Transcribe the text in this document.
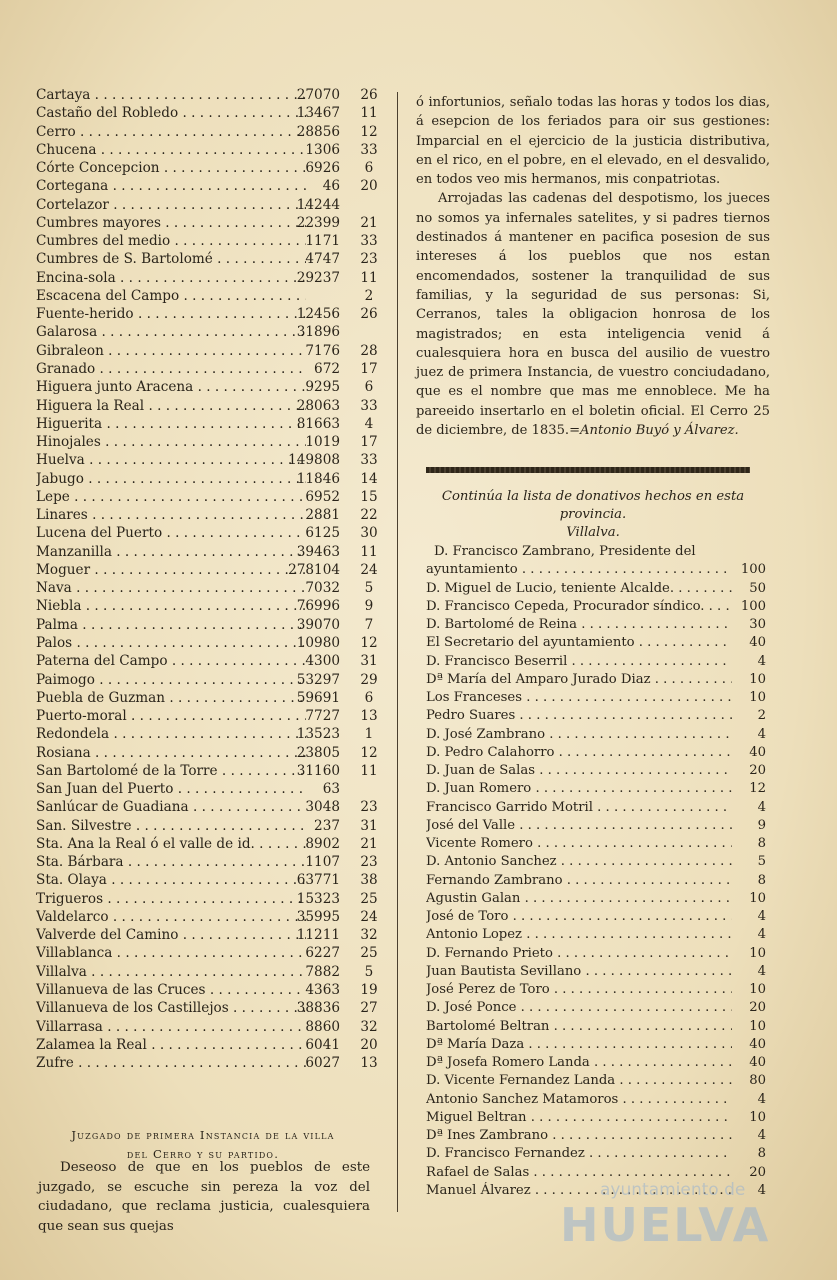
Cartaya . . .	27070	26
Castaño del Robledo . . .	13467	11
Cerro . . .	28856	12
Chucena . . .	1306	33
Córte Concepcion . . .	6926	6
Cortegana . . .	46	20
Cortelazor . . .	14244
Cumbres mayores . . .	22399	21
Cumbres del medio . . .	1171	33
Cumbres de S. Bartolomé . . .	4747	23
Encina-sola . . .	29237	11
Escacena del Campo . . .	2
Fuente-herido . . .	12456	26
Galarosa . . .	31896
Gibraleon . . .	7176	28
Granado . . .	672	17
Higuera junto Aracena . . .	9295	6
Higuera la Real . . .	28063	33
Higuerita . . .	81663	4
Hinojales . . .	1019	17
Huelva . . .	149808	33
Jabugo . . .	11846	14
Lepe . . .	6952	15
Linares . . .	2881	22
Lucena del Puerto . . .	6125	30
Manzanilla . . .	39463	11
Moguer . . .	278104	24
Nava . . .	7032	5
Niebla . . .	76996	9
Palma . . .	39070	7
Palos . . .	10980	12
Paterna del Campo . . .	4300	31
Paimogo . . .	53297	29
Puebla de Guzman . . .	59691	6
Puerto-moral . . .	7727	13
Redondela . . .	13523	1
Rosiana . . .	23805	12
San Bartolomé de la Torre . . .	31160	11
San Juan del Puerto . . .	63
Sanlúcar de Guadiana . . .	3048	23
San. Silvestre . . .	237	31
Sta. Ana la Real ó el valle de id. . . .	8902	21
Sta. Bárbara . . .	1107	23
Sta. Olaya . . .	63771	38
Trigueros . . .	15323	25
Valdelarco . . .	35995	24
Valverde del Camino . . .	11211	32
Villablanca . . .	6227	25
Villalva . . .	7882	5
Villanueva de las Cruces . . .	4363	19
Villanueva de los Castillejos . . .	38836	27
Villarrasa . . .	8860	32
Zalamea la Real . . .	6041	20
Zufre . . .	6027	13
Juzgado de primera Instancia de la villa
del Cerro y su partido.

Deseoso de que en los pueblos de este juzgado, se escuche sin pereza la voz del ciudadano, que reclama justicia, cualesquiera que sean sus quejas

ó infortunios, señalo todas las horas y todos los dias, á esepcion de los feriados para oir sus gestiones: Imparcial en el ejercicio de la justicia distributiva, en el rico, en el pobre, en el elevado, en el desvalido, en todos veo mis hermanos, mis conpatriotas.
Arrojadas las cadenas del despotismo, los jueces no somos ya infernales satelites, y si padres tiernos destinados á mantener en pacifica posesion de sus intereses á los pueblos que nos estan encomendados, sostener la tranquilidad de sus familias, y la seguridad de sus personas: Si, Cerranos, tales la obligacion honrosa de los magistrados; en esta inteligencia venid á cualesquiera hora en busca del ausilio de vuestro juez de primera Instancia, de vuestro conciudadano, que es el nombre que mas me ennoblece. Me ha pareeido insertarlo en el boletin oficial. El Cerro 25 de diciembre, de 1835.=Antonio Buyó y Álvarez.

Continúa la lista de donativos hechos en esta
provincia.
Villalva.
D. Francisco Zambrano, Presidente del
ayuntamiento . . .	100
D. Miguel de Lucio, teniente Alcalde. . . .	50
D. Francisco Cepeda, Procurador síndico. . . .	100
D. Bartolomé de Reina . . .	30
El Secretario del ayuntamiento . . .	40
D. Francisco Beserril . . .	4
Dª María del Amparo Jurado Diaz . . .	10
Los Franceses . . .	10
Pedro Suares . . .	2
D. José Zambrano . . .	4
D. Pedro Calahorro . . .	40
D. Juan de Salas . . .	20
D. Juan Romero . . .	12
Francisco Garrido Motril . . .	4
José del Valle . . .	9
Vicente Romero . . .	8
D. Antonio Sanchez . . .	5
Fernando Zambrano . . .	8
Agustin Galan . . .	10
José de Toro . . .	4
Antonio Lopez . . .	4
D. Fernando Prieto . . .	10
Juan Bautista Sevillano . . .	4
José Perez de Toro . . .	10
D. José Ponce . . .	20
Bartolomé Beltran . . .	10
Dª María Daza . . .	40
Dª Josefa Romero Landa . . .	40
D. Vicente Fernandez Landa . . .	80
Antonio Sanchez Matamoros . . .	4
Miguel Beltran . . .	10
Dª Ines Zambrano . . .	4
D. Francisco Fernandez . . .	8
Rafael de Salas . . .	20
Manuel Álvarez . . .	4
ayuntamiento de
HUELVA
